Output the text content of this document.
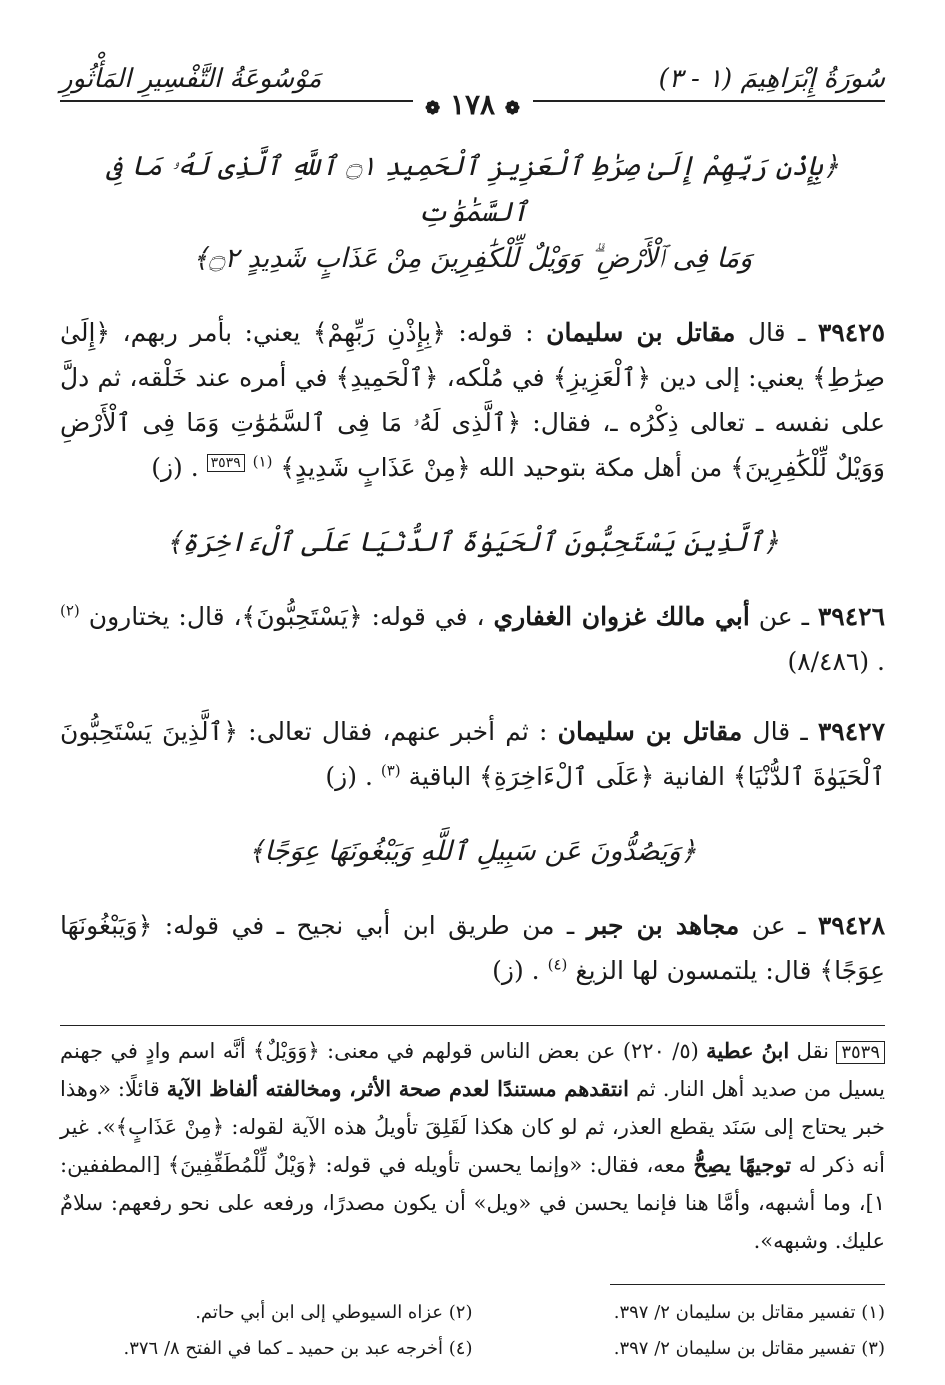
سُورَةُ إِبْرَاهِيمَ (١ - ٣)
مَوْسُوعَةُ التَّفْسِيرِ المَأْثُورِ
❁ ١٧٨ ❁
﴿بِإِذْنِ رَبِّهِمْ إِلَىٰ صِرَٰطِ ٱلْعَزِيزِ ٱلْحَمِيدِ ۝١ ٱللَّهِ ٱلَّذِى لَهُۥ مَا فِى ٱلسَّمَٰوَٰتِ
وَمَا فِى ٱلْأَرْضِ ۗ وَوَيْلٌ لِّلْكَٰفِرِينَ مِنْ عَذَابٍ شَدِيدٍ ۝٢﴾

٣٩٤٢٥ ـ قال مقاتل بن سليمان : قوله: ﴿بِإِذْنِ رَبِّهِمْ﴾ يعني: بأمر ربهم، ﴿إِلَىٰ صِرَٰطِ﴾ يعني: إلى دين ﴿ٱلْعَزِيزِ﴾ في مُلْكه، ﴿ٱلْحَمِيدِ﴾ في أمره عند خَلْقه، ثم دلَّ على نفسه ـ تعالى ذِكْرُه ـ، فقال: ﴿ٱلَّذِى لَهُۥ مَا فِى ٱلسَّمَٰوَٰتِ وَمَا فِى ٱلْأَرْضِ وَوَيْلٌ لِّلْكَٰفِرِينَ﴾ من أهل مكة بتوحيد الله ﴿مِنْ عَذَابٍ شَدِيدٍ﴾ $^{(١)}$ $^{٣٥٣٩}$ . (ز)

﴿ٱلَّذِينَ يَسْتَحِبُّونَ ٱلْحَيَوٰةَ ٱلدُّنْيَا عَلَى ٱلْءَاخِرَةِ﴾

٣٩٤٢٦ ـ عن أبي مالك غزوان الغفاري ، في قوله: ﴿يَسْتَحِبُّونَ﴾، قال: يختارون $^{(٢)}$ . (٨/٤٨٦)

٣٩٤٢٧ ـ قال مقاتل بن سليمان : ثم أخبر عنهم، فقال تعالى: ﴿ٱلَّذِينَ يَسْتَحِبُّونَ ٱلْحَيَوٰةَ ٱلدُّنْيَا﴾ الفانية ﴿عَلَى ٱلْءَاخِرَةِ﴾ الباقية $^{(٣)}$ . (ز)

﴿وَيَصُدُّونَ عَن سَبِيلِ ٱللَّهِ وَيَبْغُونَهَا عِوَجًا﴾

٣٩٤٢٨ ـ عن مجاهد بن جبر ـ من طريق ابن أبي نجيح ـ في قوله: ﴿وَيَبْغُونَهَا عِوَجًا﴾ قال: يلتمسون لها الزيغ $^{(٤)}$ . (ز)

٣٥٣٩ نقل ابنُ عطية (٥/ ٢٢٠) عن بعض الناس قولهم في معنى: ﴿وَوَيْلٌ﴾ أنَّه اسم وادٍ في جهنم يسيل من صديد أهل النار. ثم انتقدهم مستندًا لعدم صحة الأثر، ومخالفته ألفاظ الآية قائلًا: «وهذا خبر يحتاج إلى سَنَد يقطع العذر، ثم لو كان هكذا لَقَلِقَ تأويلُ هذه الآية لقوله: ﴿مِنْ عَذَابٍ﴾». غير أنه ذكر له توجيهًا يصِحُّ معه، فقال: «وإنما يحسن تأويله في قوله: ﴿وَيْلٌ لِّلْمُطَفِّفِينَ﴾ [المطففين: ١]، وما أشبهه، وأمَّا هنا فإنما يحسن في «ويل» أن يكون مصدرًا، ورفعه على نحو رفعهم: سلامٌ عليك. وشبهه».

(١) تفسير مقاتل بن سليمان ٢/ ٣٩٧.
(٢) عزاه السيوطي إلى ابن أبي حاتم.
(٣) تفسير مقاتل بن سليمان ٢/ ٣٩٧.
(٤) أخرجه عبد بن حميد ـ كما في الفتح ٨/ ٣٧٦.
